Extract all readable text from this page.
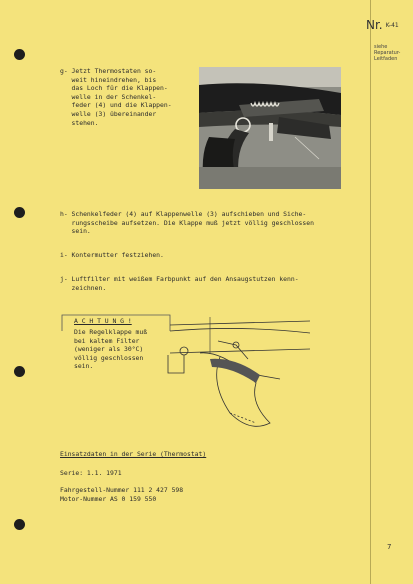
Nr. K-41
siehe
Reparatur-
Leitfaden
g- Jetzt Thermostaten so-
weit hineindrehen, bis
das Loch für die Klappen-
welle in der Schenkel-
feder (4) und die Klappen-
welle (3) übereinander
stehen.
h- Schenkelfeder (4) auf Klappenwelle (3) aufschieben und Siche-
rungsscheibe aufsetzen. Die Klappe muß jetzt völlig geschlossen
sein.
i- Kontermutter festziehen.
j- Luftfilter mit weißem Farbpunkt auf den Ansaugstutzen kenn-
zeichnen.
A C H T U N G !
Die Regelklappe muß
bei kaltem Filter
(weniger als 30°C)
völlig geschlossen
sein.
Einsatzdaten in der Serie (Thermostat)
Serie: 1.1. 1971
Fahrgestell-Nummer 111 2 427 598
Motor-Nummer AS 0 159 550
7
